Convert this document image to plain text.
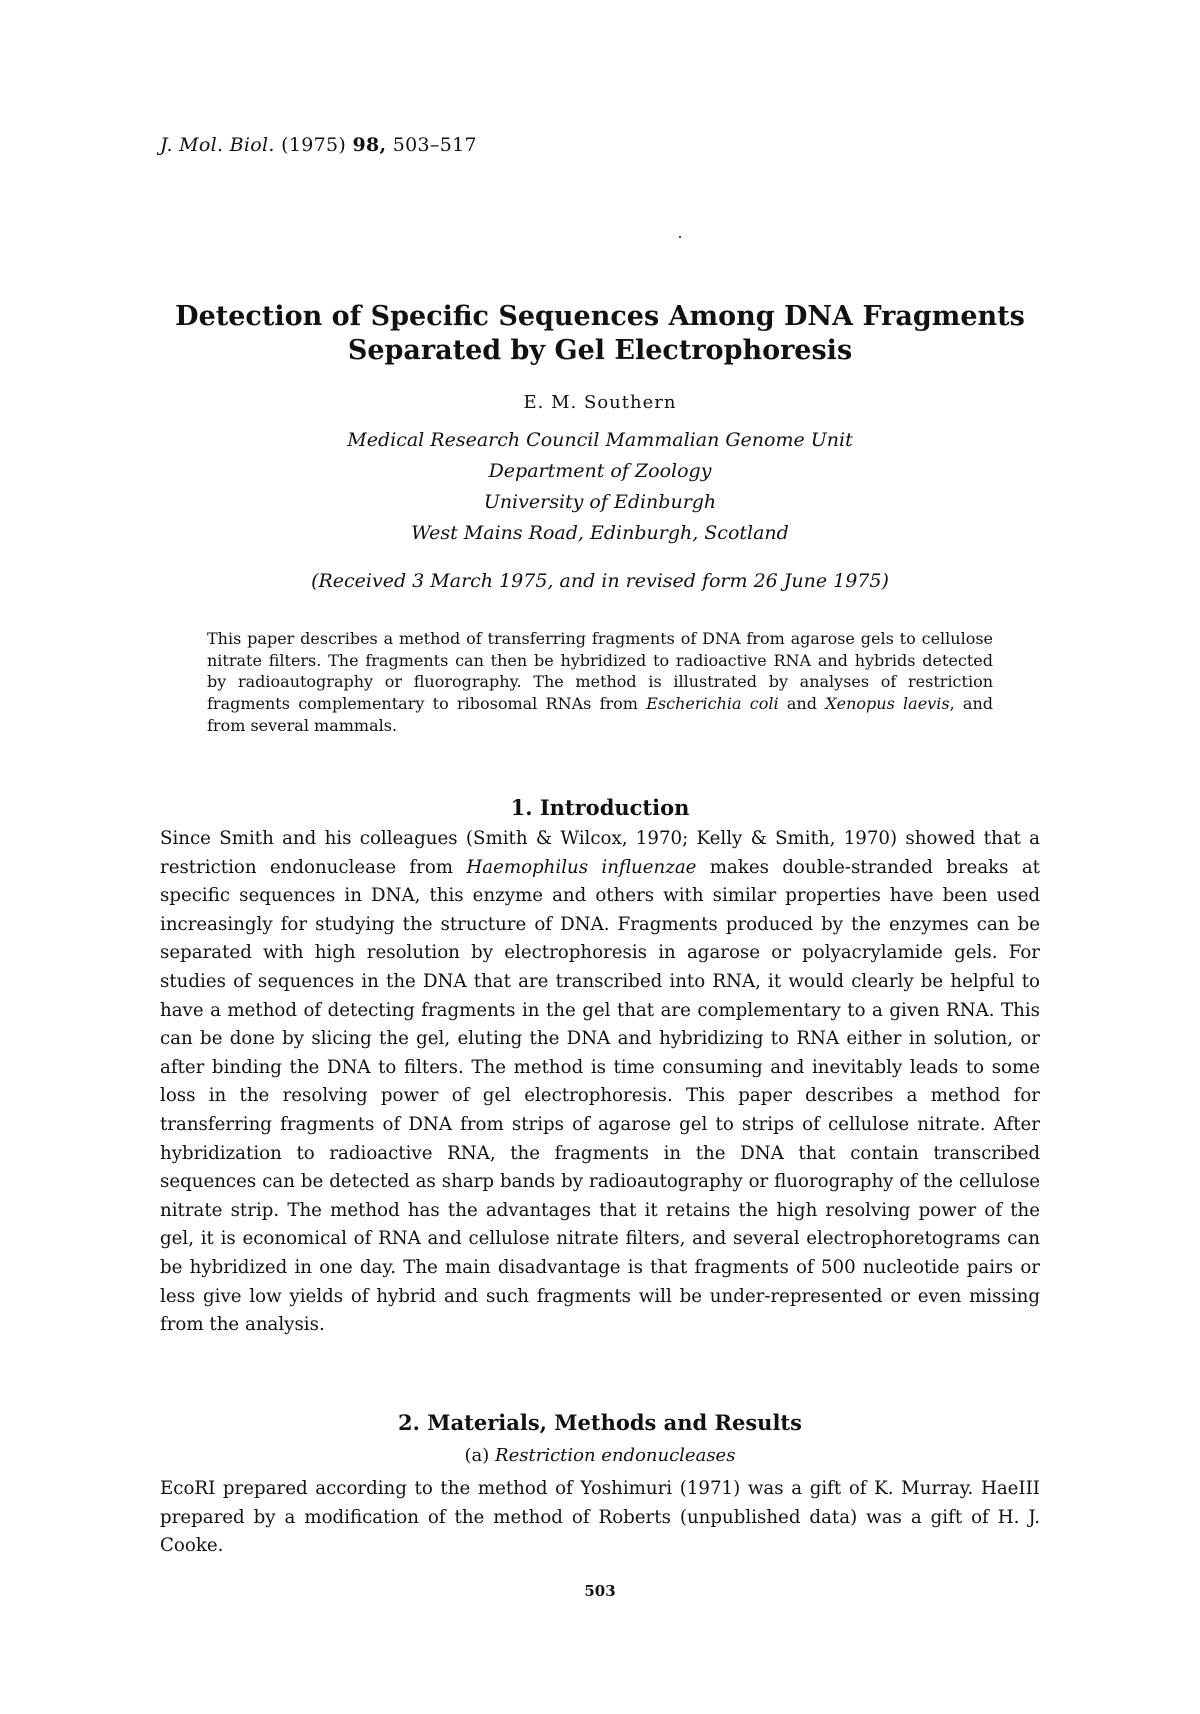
J. Mol. Biol. (1975) 98, 503–517
Detection of Specific Sequences Among DNA Fragments
Separated by Gel Electrophoresis
E. M. Southern
Medical Research Council Mammalian Genome Unit
Department of Zoology
University of Edinburgh
West Mains Road, Edinburgh, Scotland
(Received 3 March 1975, and in revised form 26 June 1975)
This paper describes a method of transferring fragments of DNA from agarose gels to cellulose nitrate filters. The fragments can then be hybridized to radioactive RNA and hybrids detected by radioautography or fluorography. The method is illustrated by analyses of restriction fragments complementary to ribosomal RNAs from Escherichia coli and Xenopus laevis, and from several mammals.
1. Introduction
Since Smith and his colleagues (Smith & Wilcox, 1970; Kelly & Smith, 1970) showed that a restriction endonuclease from Haemophilus influenzae makes double-stranded breaks at specific sequences in DNA, this enzyme and others with similar properties have been used increasingly for studying the structure of DNA. Fragments produced by the enzymes can be separated with high resolution by electrophoresis in agarose or polyacrylamide gels. For studies of sequences in the DNA that are transcribed into RNA, it would clearly be helpful to have a method of detecting fragments in the gel that are complementary to a given RNA. This can be done by slicing the gel, eluting the DNA and hybridizing to RNA either in solution, or after binding the DNA to filters. The method is time consuming and inevitably leads to some loss in the resolving power of gel electrophoresis. This paper describes a method for transferring fragments of DNA from strips of agarose gel to strips of cellulose nitrate. After hybridization to radioactive RNA, the fragments in the DNA that contain transcribed sequences can be detected as sharp bands by radioautography or fluorography of the cellulose nitrate strip. The method has the advantages that it retains the high resolving power of the gel, it is economical of RNA and cellulose nitrate filters, and several electrophoretograms can be hybridized in one day. The main disadvantage is that fragments of 500 nucleotide pairs or less give low yields of hybrid and such fragments will be under-represented or even missing from the analysis.
2. Materials, Methods and Results
(a) Restriction endonucleases
EcoRI prepared according to the method of Yoshimuri (1971) was a gift of K. Murray. HaeIII prepared by a modification of the method of Roberts (unpublished data) was a gift of H. J. Cooke.
503
